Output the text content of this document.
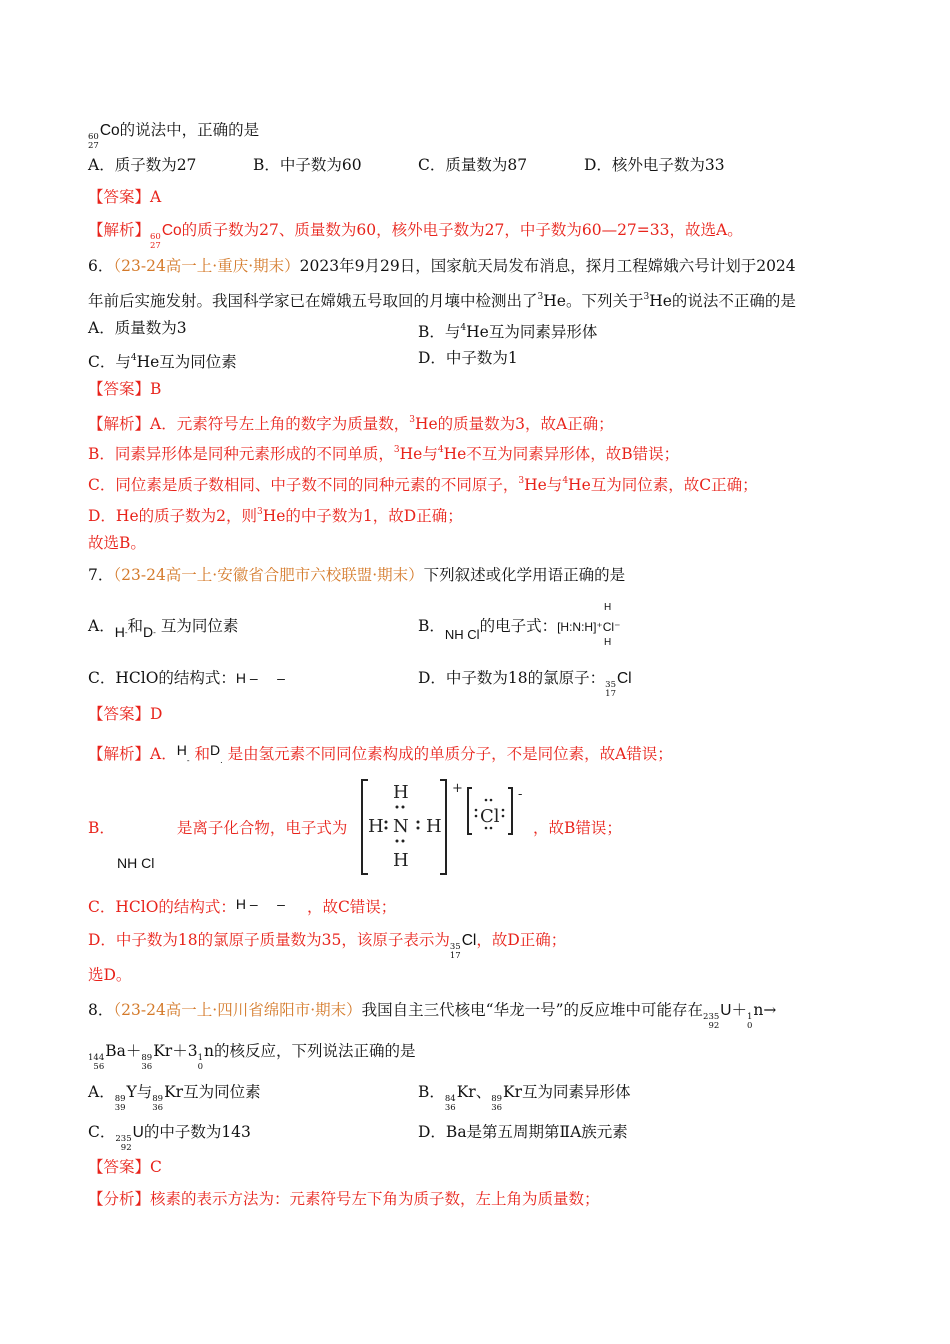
60
27
Co的说法中，正确的是
A．质子数为27	B．中子数为60	C．质量数为87	D．核外电子数为33
【答案】A
【解析】 60
27
Co的质子数为27、质量数为60，核外电子数为27，中子数为60—27=33，故选A。
6．（23-24高一上·重庆·期末）2023年9月29日，国家航天局发布消息，探月工程嫦娥六号计划于2024
年前后实施发射。我国科学家已在嫦娥五号取回的月壤中检测出了$^3$He。下列关于$^3$He的说法不正确的是
A．质量数为3	B．与$^4$He互为同素异形体
C．与$^4$He互为同位素	D．中子数为1
【答案】B
【解析】A．元素符号左上角的数字为质量数，$^3$He的质量数为3，故A正确；
B．同素异形体是同种元素形成的不同单质，$^3$He与$^4$He不互为同素异形体，故B错误；
C．同位素是质子数相同、中子数不同的同种元素的不同原子，$^3$He与$^4$He互为同位素，故C正确；
D．He的质子数为2，则$^3$He的中子数为1，故D正确；
故选B。
7．（23-24高一上·安徽省合肥市六校联盟·期末）下列叙述或化学用语正确的是
A．$H_-$和$D_-$ 互为同位素	B．$_{NH Cl}$的电子式：[H:N:H]⁺Cl⁻
H
H
C．HClO的结构式：H –     –	D．中子数为18的氯原子： 35
17
Cl
【答案】D
【解析】A．$H_-$ 和$D_.$ 是由氢元素不同同位素构成的单质分子，不是同位素，故A错误；
B．	是离子化合物，电子式为
NH Cl
，故B错误；
H
H N H
H
Cl
+	-
C．HClO的结构式：H –     – ，故C错误；
D．中子数为18的氯原子质量数为35，该原子表示为 35
17
Cl，故D正确；
选D。
8．（23-24高一上·四川省绵阳市·期末）我国自主三代核电“华龙一号”的反应堆中可能存在 235
92
U＋ 1
0
n→
144
56
Ba＋ 89
36
Kr＋3 1
0
n的核反应，下列说法正确的是
A． 89
39
Y与 89
36
Kr互为同位素	B． 84
36
Kr、 89
36
Kr互为同素异形体
C． 235
92
U的中子数为143	D．Ba是第五周期第ⅡA族元素
【答案】C
【分析】核素的表示方法为：元素符号左下角为质子数，左上角为质量数；
